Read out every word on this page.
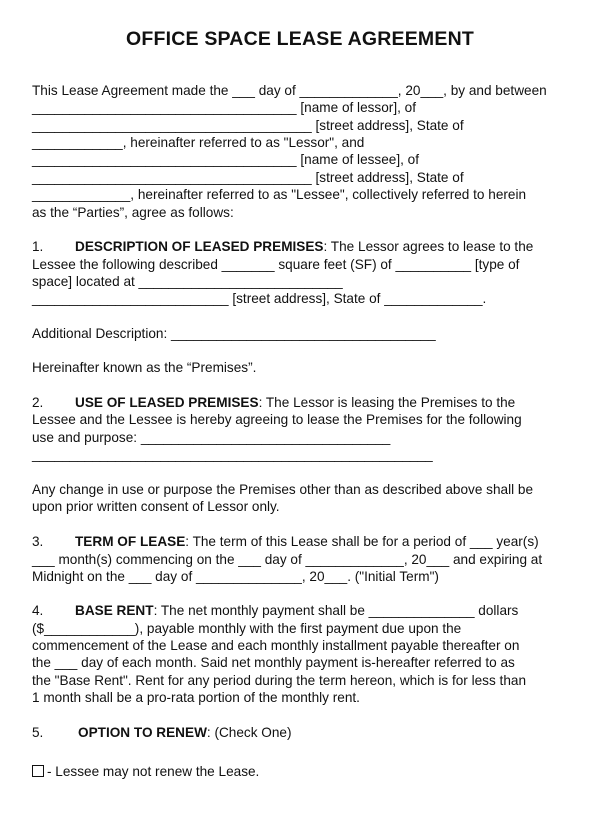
OFFICE SPACE LEASE AGREEMENT
This Lease Agreement made the ___ day of _____________, 20___, by and between
___________________________________ [name of lessor], of
_____________________________________ [street address], State of
____________, hereinafter referred to as "Lessor", and
___________________________________ [name of lessee], of
_____________________________________ [street address], State of
_____________, hereinafter referred to as "Lessee", collectively referred to herein
as the “Parties”, agree as follows:
1. DESCRIPTION OF LEASED PREMISES: The Lessor agrees to lease to the
Lessee the following described _______ square feet (SF) of __________ [type of
space] located at ___________________________
__________________________ [street address], State of _____________.
Additional Description: ___________________________________
Hereinafter known as the “Premises”.
2. USE OF LEASED PREMISES: The Lessor is leasing the Premises to the
Lessee and the Lessee is hereby agreeing to lease the Premises for the following
use and purpose: _________________________________
_____________________________________________________
Any change in use or purpose the Premises other than as described above shall be
upon prior written consent of Lessor only.
3. TERM OF LEASE: The term of this Lease shall be for a period of ___ year(s)
___ month(s) commencing on the ___ day of _____________, 20___ and expiring at
Midnight on the ___ day of ______________, 20___. ("Initial Term")
4. BASE RENT: The net monthly payment shall be ______________ dollars
($____________), payable monthly with the first payment due upon the
commencement of the Lease and each monthly installment payable thereafter on
the ___ day of each month. Said net monthly payment is-hereafter referred to as
the "Base Rent". Rent for any period during the term hereon, which is for less than
1 month shall be a pro-rata portion of the monthly rent.
5.	OPTION TO RENEW: (Check One)
- Lessee may not renew the Lease.
